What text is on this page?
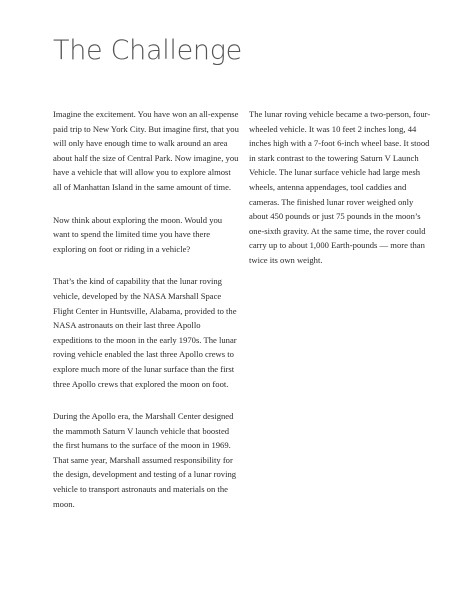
The Challenge

Imagine the excitement. You have won an all-expense paid trip to New York City. But imagine first, that you will only have enough time to walk around an area about half the size of Central Park. Now imagine, you have a vehicle that will allow you to explore almost all of Manhattan Island in the same amount of time.

Now think about exploring the moon. Would you want to spend the limited time you have there exploring on foot or riding in a vehicle?

That’s the kind of capability that the lunar roving vehicle, developed by the NASA Marshall Space Flight Center in Huntsville, Alabama, provided to the NASA astronauts on their last three Apollo expeditions to the moon in the early 1970s. The lunar roving vehicle enabled the last three Apollo crews to explore much more of the lunar surface than the first three Apollo crews that explored the moon on foot.

During the Apollo era, the Marshall Center designed the mammoth Saturn V launch vehicle that boosted the first humans to the surface of the moon in 1969. That same year, Marshall assumed responsibility for the design, development and testing of a lunar roving vehicle to transport astronauts and materials on the moon.

The lunar roving vehicle became a two-person, four-wheeled vehicle. It was 10 feet 2 inches long, 44 inches high with a 7-foot 6-inch wheel base. It stood in stark contrast to the towering Saturn V Launch Vehicle. The lunar surface vehicle had large mesh wheels, antenna appendages, tool caddies and cameras. The finished lunar rover weighed only about 450 pounds or just 75 pounds in the moon’s one-sixth gravity. At the same time, the rover could carry up to about 1,000 Earth-pounds — more than twice its own weight.
